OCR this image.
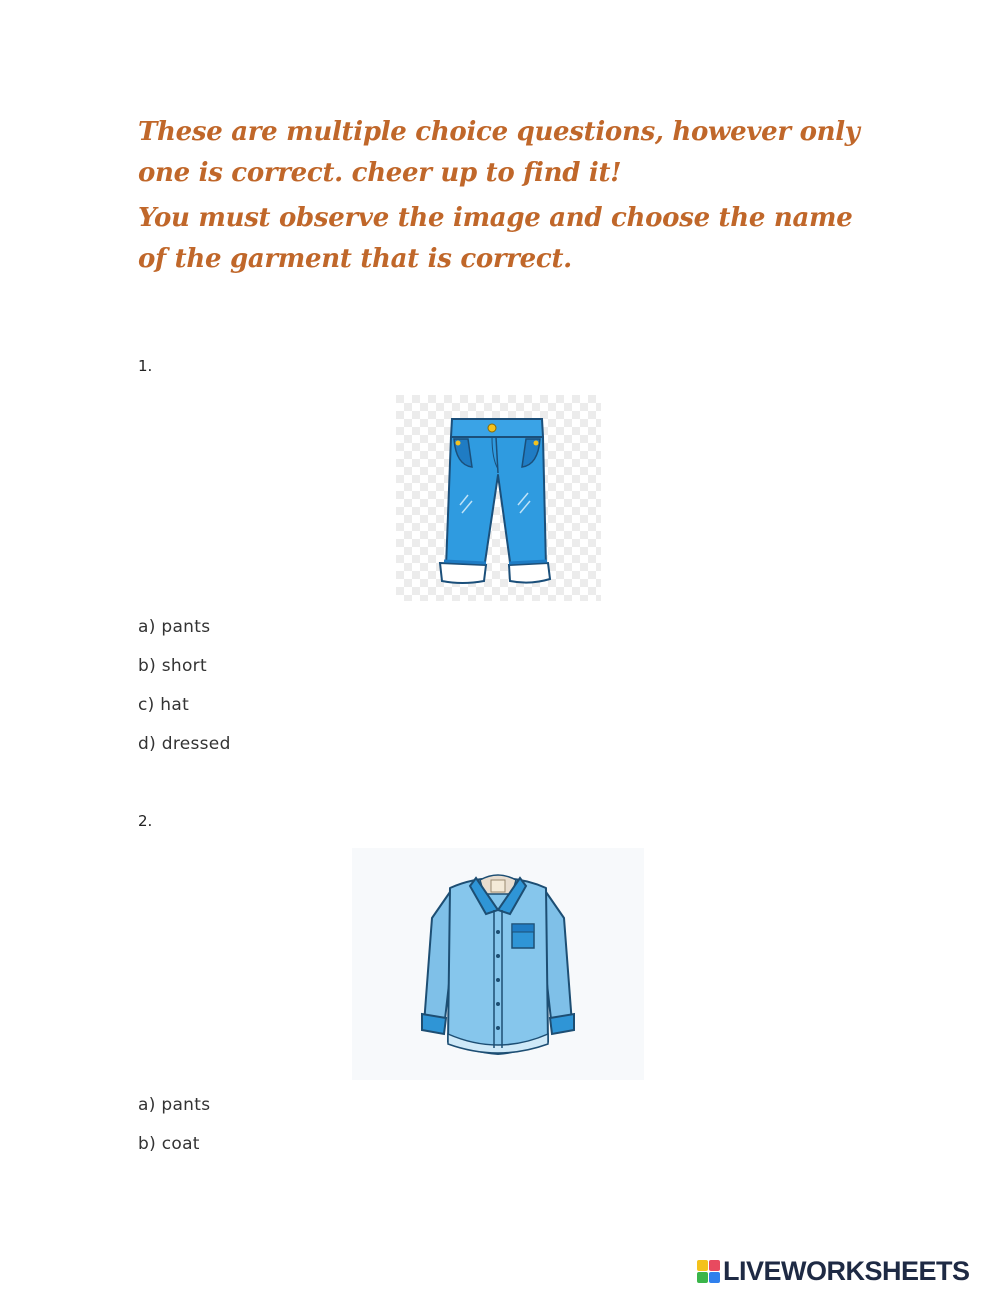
These are multiple choice questions, however only one is correct. cheer up to find it!

You must observe the image and choose the name of the garment that is correct.

1.
a) pants
b) short
c) hat
d) dressed
2.
a) pants
b) coat
LIVEWORKSHEETS
